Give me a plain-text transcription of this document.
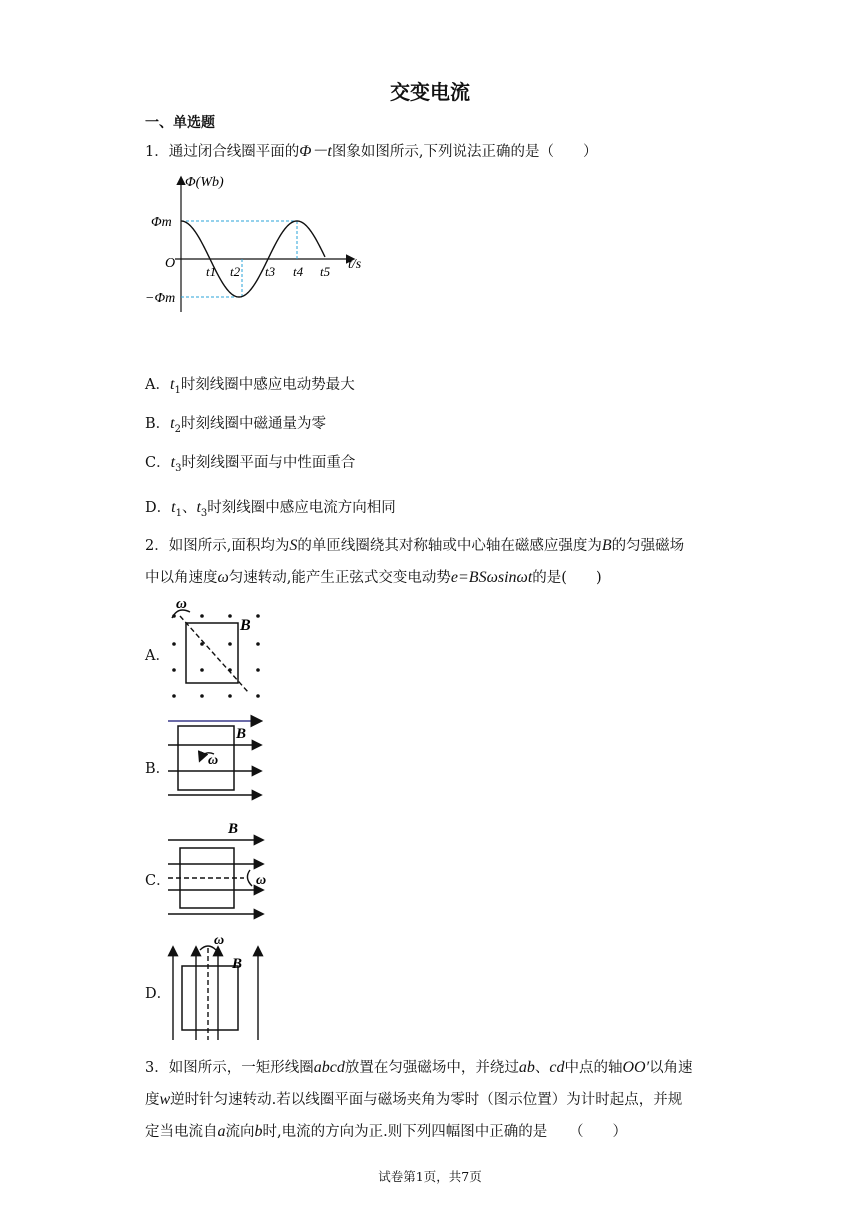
交变电流
一、单选题
1．通过闭合线圈平面的Φ－t图象如图所示,下列说法正确的是（　　）
Φ(Wb)
t/s
Φm
O
−Φm
t1 t2 t3 t4 t5
A．$t_1$时刻线圈中感应电动势最大
B．$t_2$时刻线圈中磁通量为零
C．$t_3$时刻线圈平面与中性面重合
D．$t_1$、$t_3$时刻线圈中感应电流方向相同
2．如图所示,面积均为S的单匝线圈绕其对称轴或中心轴在磁感应强度为B的匀强磁场
中以角速度ω匀速转动,能产生正弦式交变电动势e=BSωsinωt的是(　　)
A．
ω
B
B．
ω
B
C．
B
ω
D．
ω
B
3．如图所示，一矩形线圈abcd放置在匀强磁场中，并绕过ab、cd中点的轴OO′以角速
度w逆时针匀速转动.若以线圈平面与磁场夹角为零时（图示位置）为计时起点，并规
定当电流自a流向b时,电流的方向为正.则下列四幅图中正确的是　　（　　）
试卷第1页，共7页
